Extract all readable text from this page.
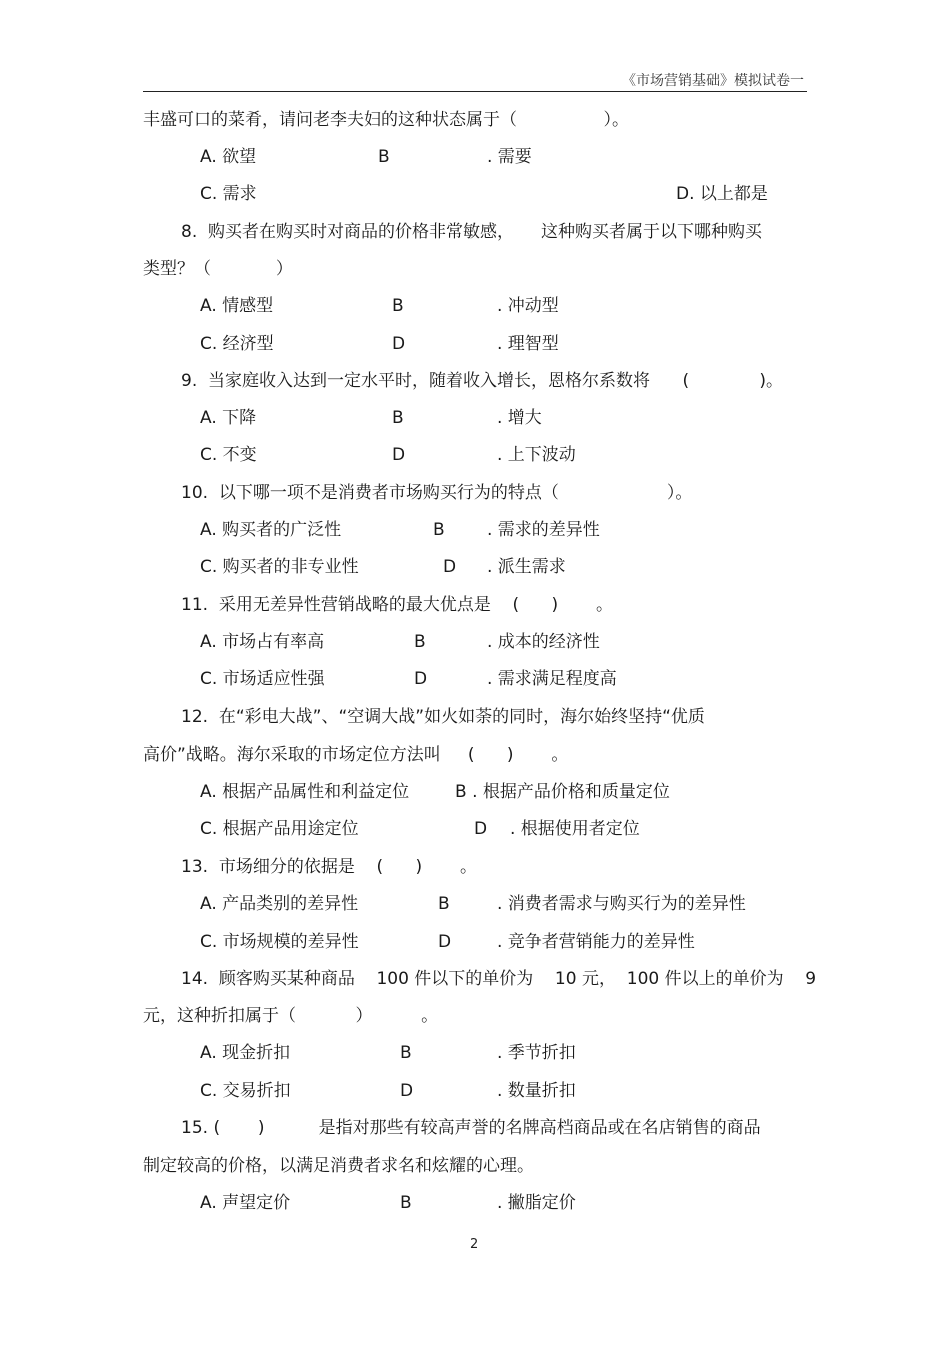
《市场营销基础》模拟试卷一
丰盛可口的菜肴，请问老李夫妇的这种状态属于（                ）。
A. 欲望	B	. 需要
C. 需求	D. 以上都是
8.  购买者在购买时对商品的价格非常敏感，     这种购买者属于以下哪种购买
类型？（            ）
A. 情感型	B	. 冲动型
C. 经济型	D	. 理智型
9.  当家庭收入达到一定水平时，随着收入增长，恩格尔系数将      (             )。
A. 下降	B	. 增大
C. 不变	D	. 上下波动
10.  以下哪一项不是消费者市场购买行为的特点（                    ）。
A. 购买者的广泛性	B . 需求的差异性
C. 购买者的非专业性	D . 派生需求
11.  采用无差异性营销战略的最大优点是    (      )       。
A. 市场占有率高	B	. 成本的经济性
C. 市场适应性强	D	. 需求满足程度高
12.  在“彩电大战”、“空调大战”如火如荼的同时，海尔始终坚持“优质
高价”战略。海尔采取的市场定位方法叫     (      )       。
A. 根据产品属性和利益定位	B . 根据产品价格和质量定位
C. 根据产品用途定位	D . 根据使用者定位
13.  市场细分的依据是    (      )       。
A. 产品类别的差异性	B	. 消费者需求与购买行为的差异性
C. 市场规模的差异性	D	. 竞争者营销能力的差异性
14.  顾客购买某种商品    100 件以下的单价为    10 元，  100 件以上的单价为    9
元，这种折扣属于（           ）         。
A. 现金折扣	B	. 季节折扣
C. 交易折扣	D	. 数量折扣
15. (       )          是指对那些有较高声誉的名牌高档商品或在名店销售的商品
制定较高的价格，以满足消费者求名和炫耀的心理。
A. 声望定价	B	. 撇脂定价
2
